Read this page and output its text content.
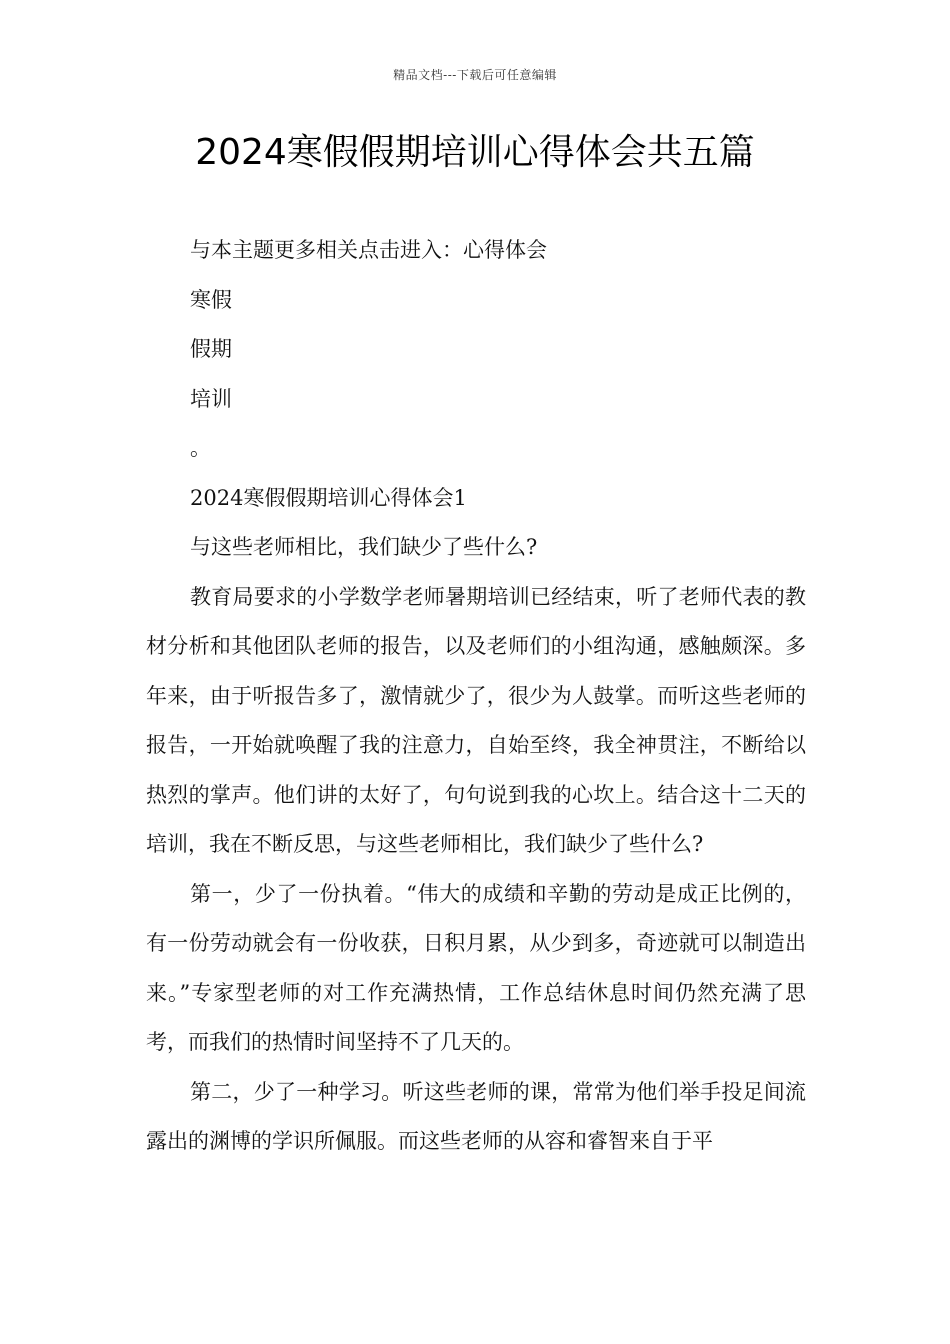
精品文档---下载后可任意编辑
2024寒假假期培训心得体会共五篇

与本主题更多相关点击进入：心得体会

寒假

假期

培训

。

2024寒假假期培训心得体会1

与这些老师相比，我们缺少了些什么?

教育局要求的小学数学老师暑期培训已经结束，听了老师代表的教材分析和其他团队老师的报告，以及老师们的小组沟通，感触颇深。多年来，由于听报告多了，激情就少了，很少为人鼓掌。而听这些老师的报告，一开始就唤醒了我的注意力，自始至终，我全神贯注，不断给以热烈的掌声。他们讲的太好了，句句说到我的心坎上。结合这十二天的培训，我在不断反思，与这些老师相比，我们缺少了些什么?

第一，少了一份执着。“伟大的成绩和辛勤的劳动是成正比例的，有一份劳动就会有一份收获，日积月累，从少到多，奇迹就可以制造出来。”专家型老师的对工作充满热情，工作总结休息时间仍然充满了思考，而我们的热情时间坚持不了几天的。

第二，少了一种学习。听这些老师的课，常常为他们举手投足间流露出的渊博的学识所佩服。而这些老师的从容和睿智来自于平
